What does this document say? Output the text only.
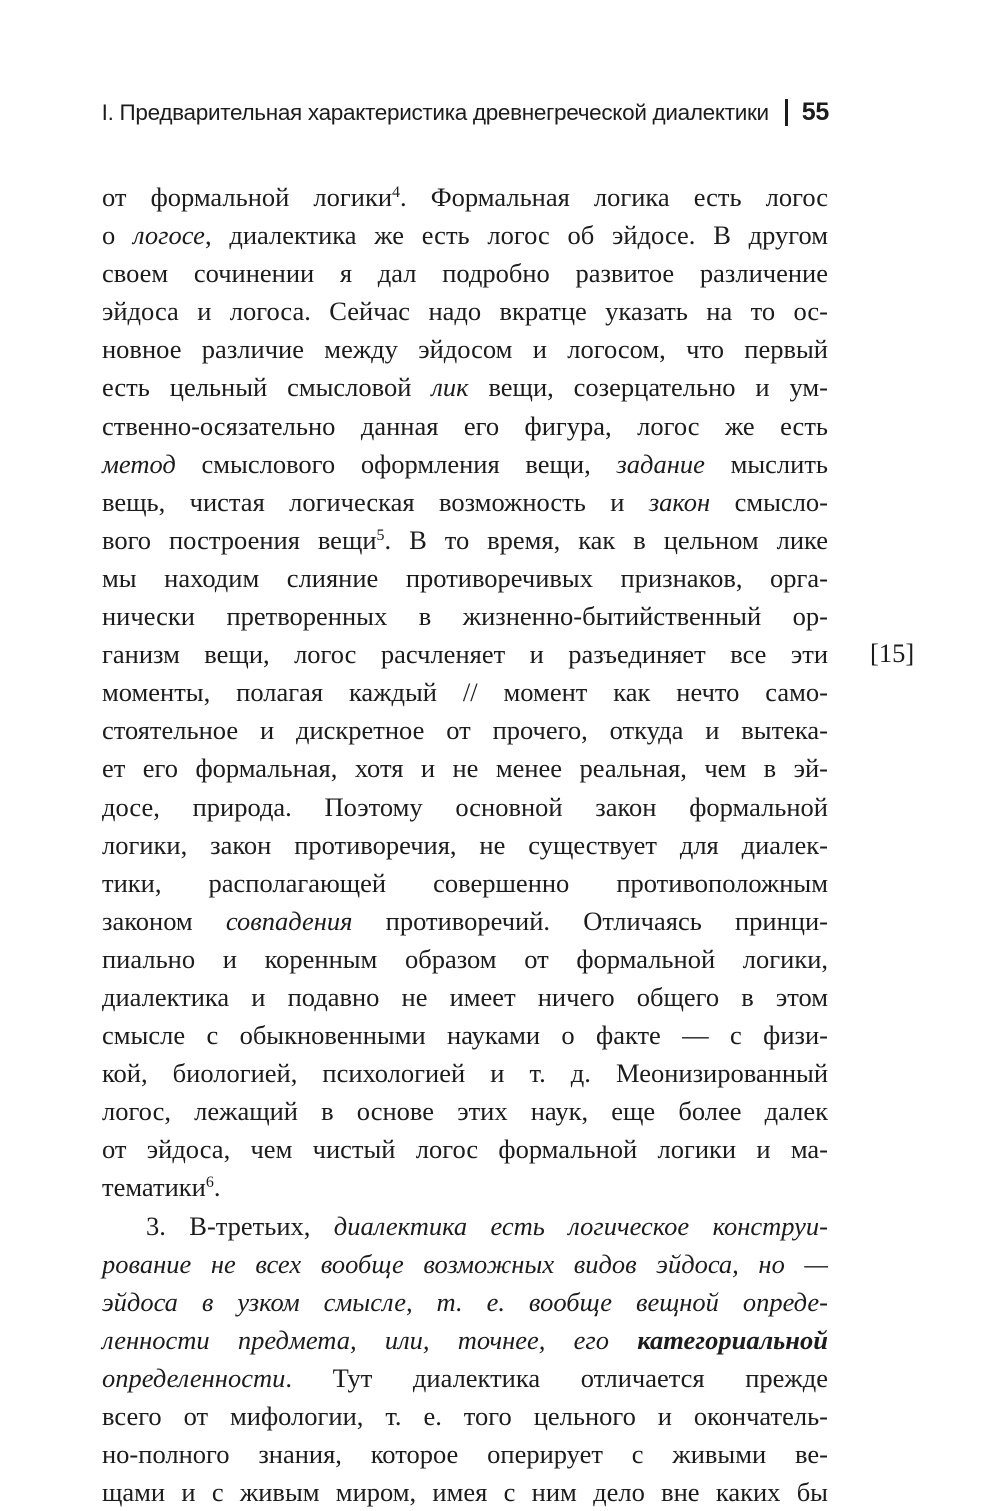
I. Предварительная характеристика древнегреческой диалектики 55
от формальной логики$^4$. Формальная логика есть логос
о логосе, диалектика же есть логос об эйдосе. В другом
своем сочинении я дал подробно развитое различение
эйдоса и логоса. Сейчас надо вкратце указать на то ос-
новное различие между эйдосом и логосом, что первый
есть цельный смысловой лик вещи, созерцательно и ум-
ственно-осязательно данная его фигура, логос же есть
метод смыслового оформления вещи, задание мыслить
вещь, чистая логическая возможность и закон смысло-
вого построения вещи$^5$. В то время, как в цельном лике
мы находим слияние противоречивых признаков, орга-
нически претворенных в жизненно-бытийственный ор-
ганизм вещи, логос расчленяет и разъединяет все эти
моменты, полагая каждый // момент как нечто само-
стоятельное и дискретное от прочего, откуда и вытека-
ет его формальная, хотя и не менее реальная, чем в эй-
досе, природа. Поэтому основной закон формальной
логики, закон противоречия, не существует для диалек-
тики, располагающей совершенно противоположным
законом совпадения противоречий. Отличаясь принци-
пиально и коренным образом от формальной логики,
диалектика и подавно не имеет ничего общего в этом
смысле с обыкновенными науками о факте — с физи-
кой, биологией, психологией и т. д. Меонизированный
логос, лежащий в основе этих наук, еще более далек
от эйдоса, чем чистый логос формальной логики и ма-
тематики$^6$.
3. В-третьих, диалектика есть логическое конструи-
рование не всех вообще возможных видов эйдоса, но —
эйдоса в узком смысле, т. е. вообще вещной опреде-
ленности предмета, или, точнее, его категориальной
определенности. Тут диалектика отличается прежде
всего от мифологии, т. е. того цельного и окончатель-
но-полного знания, которое оперирует с живыми ве-
щами и с живым миром, имея с ним дело вне каких бы
[15]
